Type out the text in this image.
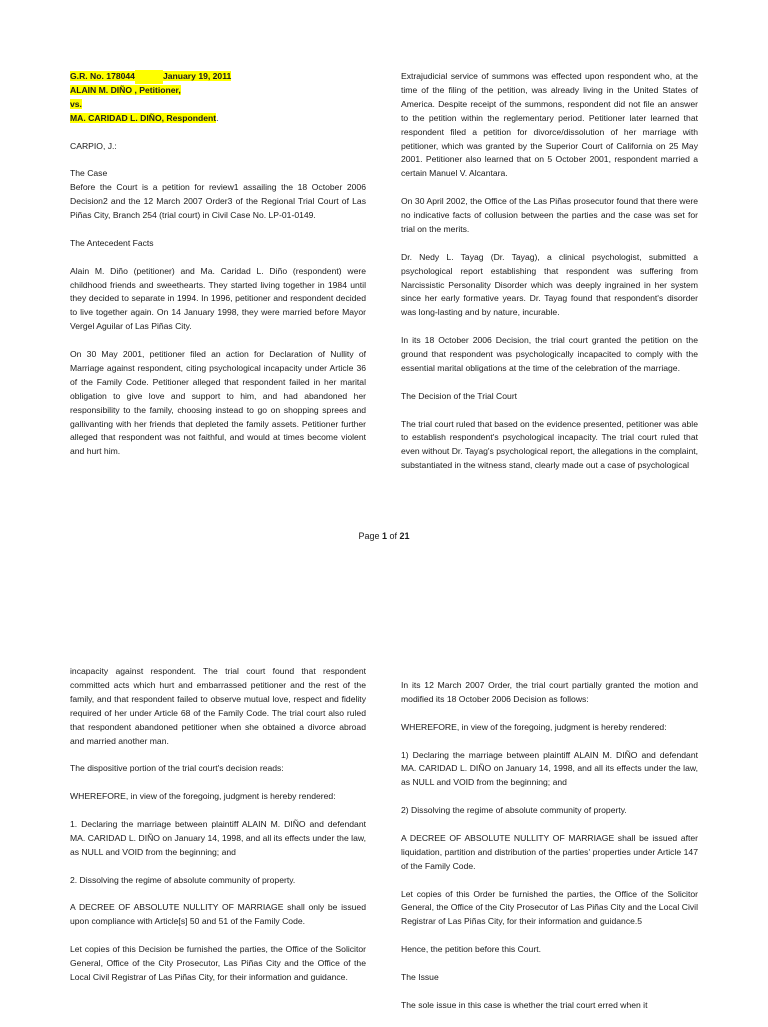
G.R. No. 178044	January 19, 2011
ALAIN M. DIÑO , Petitioner,
vs.
MA. CARIDAD L. DIÑO, Respondent.

CARPIO, J.:

The Case

Before the Court is a petition for review1 assailing the 18 October 2006 Decision2 and the 12 March 2007 Order3 of the Regional Trial Court of Las Piñas City, Branch 254 (trial court) in Civil Case No. LP-01-0149.

The Antecedent Facts

Alain M. Diño (petitioner) and Ma. Caridad L. Diño (respondent) were childhood friends and sweethearts. They started living together in 1984 until they decided to separate in 1994. In 1996, petitioner and respondent decided to live together again. On 14 January 1998, they were married before Mayor Vergel Aguilar of Las Piñas City.

On 30 May 2001, petitioner filed an action for Declaration of Nullity of Marriage against respondent, citing psychological incapacity under Article 36 of the Family Code. Petitioner alleged that respondent failed in her marital obligation to give love and support to him, and had abandoned her responsibility to the family, choosing instead to go on shopping sprees and gallivanting with her friends that depleted the family assets. Petitioner further alleged that respondent was not faithful, and would at times become violent and hurt him.

Extrajudicial service of summons was effected upon respondent who, at the time of the filing of the petition, was already living in the United States of America. Despite receipt of the summons, respondent did not file an answer to the petition within the reglementary period. Petitioner later learned that respondent filed a petition for divorce/dissolution of her marriage with petitioner, which was granted by the Superior Court of California on 25 May 2001. Petitioner also learned that on 5 October 2001, respondent married a certain Manuel V. Alcantara.

On 30 April 2002, the Office of the Las Piñas prosecutor found that there were no indicative facts of collusion between the parties and the case was set for trial on the merits.

Dr. Nedy L. Tayag (Dr. Tayag), a clinical psychologist, submitted a psychological report establishing that respondent was suffering from Narcissistic Personality Disorder which was deeply ingrained in her system since her early formative years. Dr. Tayag found that respondent's disorder was long-lasting and by nature, incurable.

In its 18 October 2006 Decision, the trial court granted the petition on the ground that respondent was psychologically incapacited to comply with the essential marital obligations at the time of the celebration of the marriage.

The Decision of the Trial Court

The trial court ruled that based on the evidence presented, petitioner was able to establish respondent's psychological incapacity. The trial court ruled that even without Dr. Tayag's psychological report, the allegations in the complaint, substantiated in the witness stand, clearly made out a case of psychological

Page 1 of 21

incapacity against respondent. The trial court found that respondent committed acts which hurt and embarrassed petitioner and the rest of the family, and that respondent failed to observe mutual love, respect and fidelity required of her under Article 68 of the Family Code. The trial court also ruled that respondent abandoned petitioner when she obtained a divorce abroad and married another man.

The dispositive portion of the trial court's decision reads:

WHEREFORE, in view of the foregoing, judgment is hereby rendered:

1. Declaring the marriage between plaintiff ALAIN M. DIÑO and defendant MA. CARIDAD L. DIÑO on January 14, 1998, and all its effects under the law, as NULL and VOID from the beginning; and

2. Dissolving the regime of absolute community of property.

A DECREE OF ABSOLUTE NULLITY OF MARRIAGE shall only be issued upon compliance with Article[s] 50 and 51 of the Family Code.

Let copies of this Decision be furnished the parties, the Office of the Solicitor General, Office of the City Prosecutor, Las Piñas City and the Office of the Local Civil Registrar of Las Piñas City, for their information and guidance.

In its 12 March 2007 Order, the trial court partially granted the motion and modified its 18 October 2006 Decision as follows:

WHEREFORE, in view of the foregoing, judgment is hereby rendered:

1) Declaring the marriage between plaintiff ALAIN M. DIÑO and defendant MA. CARIDAD L. DIÑO on January 14, 1998, and all its effects under the law, as NULL and VOID from the beginning; and

2) Dissolving the regime of absolute community of property.

A DECREE OF ABSOLUTE NULLITY OF MARRIAGE shall be issued after liquidation, partition and distribution of the parties' properties under Article 147 of the Family Code.

Let copies of this Order be furnished the parties, the Office of the Solicitor General, the Office of the City Prosecutor of Las Piñas City and the Local Civil Registrar of Las Piñas City, for their information and guidance.5

Hence, the petition before this Court.

The Issue

The sole issue in this case is whether the trial court erred when it
